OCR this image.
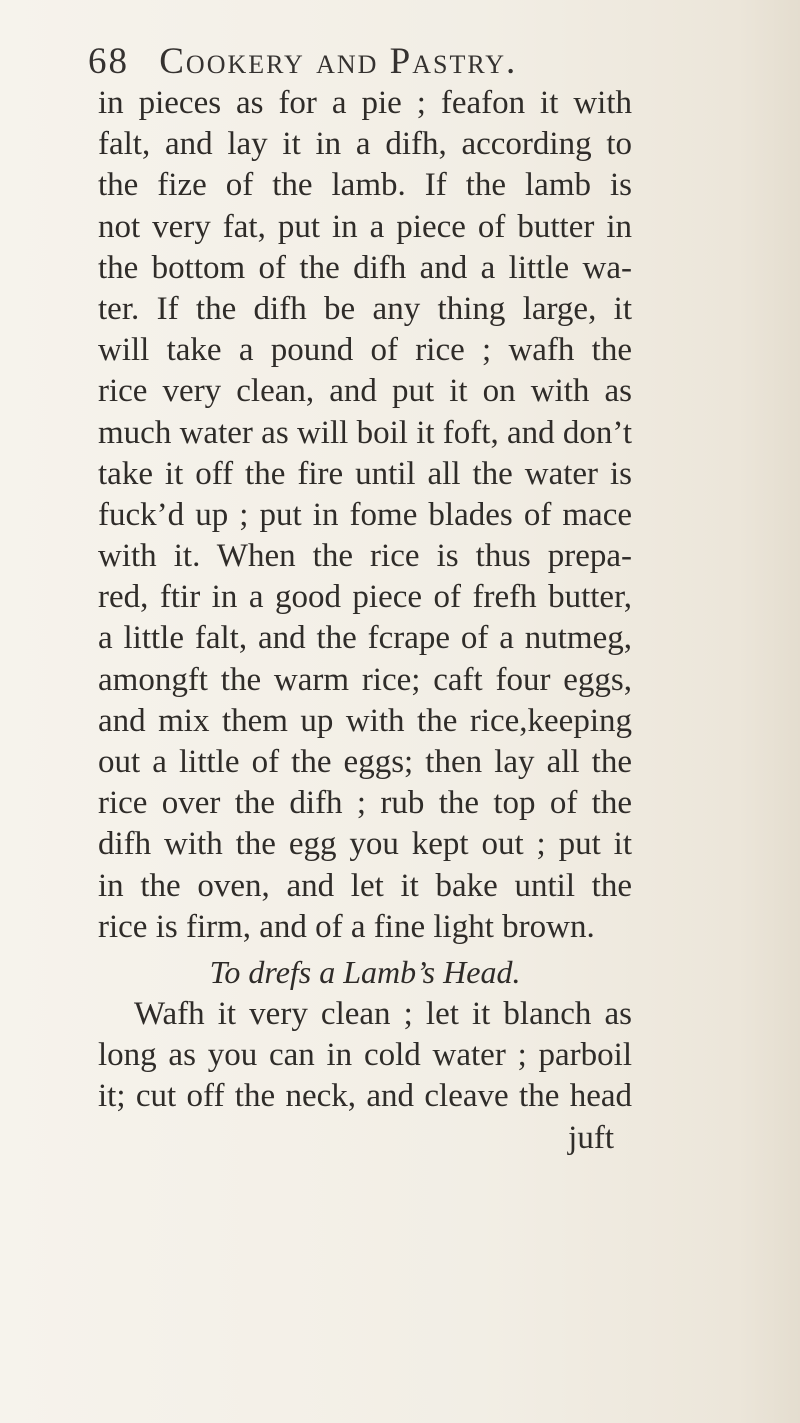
68 Cookery and Pastry.
in pieces as for a pie ; feafon it with
falt, and lay it in a difh, according to
the fize of the lamb. If the lamb is
not very fat, put in a piece of butter in
the bottom of the difh and a little wa-
ter. If the difh be any thing large, it
will take a pound of rice ; wafh the
rice very clean, and put it on with as
much water as will boil it foft, and don’t
take it off the fire until all the water is
fuck’d up ; put in fome blades of mace
with it. When the rice is thus prepa-
red, ftir in a good piece of frefh butter,
a little falt, and the fcrape of a nutmeg,
amongft the warm rice; caft four eggs,
and mix them up with the rice,keeping
out a little of the eggs; then lay all the
rice over the difh ; rub the top of the
difh with the egg you kept out ; put it
in the oven, and let it bake until the
rice is firm, and of a fine light brown.
To drefs a Lamb’s Head.
Wafh it very clean ; let it blanch as
long as you can in cold water ; parboil
it; cut off the neck, and cleave the head
juft
